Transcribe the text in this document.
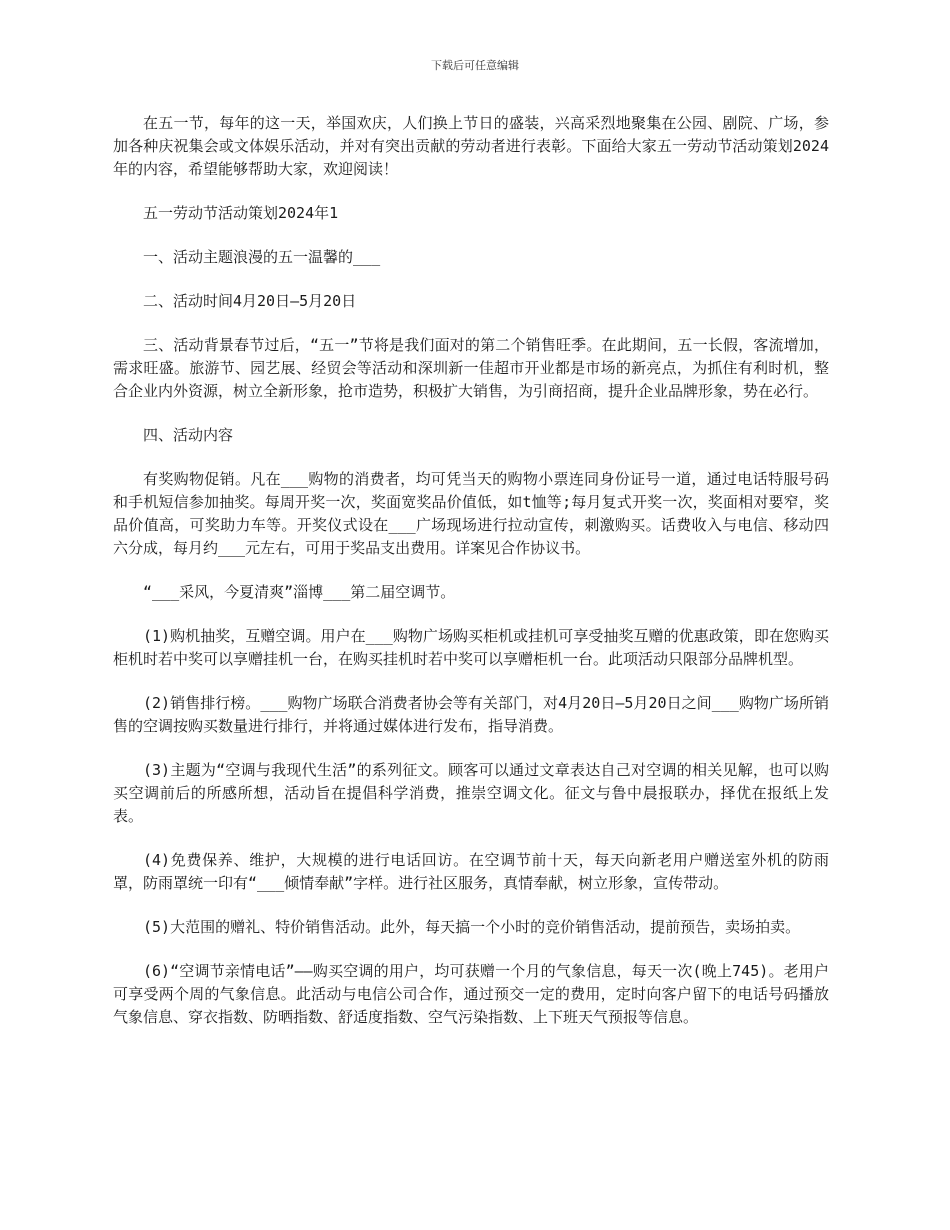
下载后可任意编辑

在五一节，每年的这一天，举国欢庆，人们换上节日的盛装，兴高采烈地聚集在公园、剧院、广场，参加各种庆祝集会或文体娱乐活动，并对有突出贡献的劳动者进行表彰。下面给大家五一劳动节活动策划2024年的内容，希望能够帮助大家，欢迎阅读！

五一劳动节活动策划2024年1

一、活动主题浪漫的五一温馨的___

二、活动时间4月20日—5月20日

三、活动背景春节过后，“五一”节将是我们面对的第二个销售旺季。在此期间，五一长假，客流增加，需求旺盛。旅游节、园艺展、经贸会等活动和深圳新一佳超市开业都是市场的新亮点，为抓住有利时机，整合企业内外资源，树立全新形象，抢市造势，积极扩大销售，为引商招商，提升企业品牌形象，势在必行。

四、活动内容

有奖购物促销。凡在___购物的消费者，均可凭当天的购物小票连同身份证号一道，通过电话特服号码和手机短信参加抽奖。每周开奖一次，奖面宽奖品价值低，如t恤等;每月复式开奖一次，奖面相对要窄，奖品价值高，可奖助力车等。开奖仪式设在___广场现场进行拉动宣传，刺激购买。话费收入与电信、移动四六分成，每月约___元左右，可用于奖品支出费用。详案见合作协议书。

“___采风，今夏清爽”淄博___第二届空调节。

(1)购机抽奖，互赠空调。用户在___购物广场购买柜机或挂机可享受抽奖互赠的优惠政策，即在您购买柜机时若中奖可以享赠挂机一台，在购买挂机时若中奖可以享赠柜机一台。此项活动只限部分品牌机型。

(2)销售排行榜。___购物广场联合消费者协会等有关部门，对4月20日—5月20日之间___购物广场所销售的空调按购买数量进行排行，并将通过媒体进行发布，指导消费。

(3)主题为“空调与我现代生活”的系列征文。顾客可以通过文章表达自己对空调的相关见解，也可以购买空调前后的所感所想，活动旨在提倡科学消费，推崇空调文化。征文与鲁中晨报联办，择优在报纸上发表。

(4)免费保养、维护，大规模的进行电话回访。在空调节前十天，每天向新老用户赠送室外机的防雨罩，防雨罩统一印有“___倾情奉献”字样。进行社区服务，真情奉献，树立形象，宣传带动。

(5)大范围的赠礼、特价销售活动。此外，每天搞一个小时的竞价销售活动，提前预告，卖场拍卖。

(6)“空调节亲情电话”——购买空调的用户，均可获赠一个月的气象信息，每天一次(晚上745)。老用户可享受两个周的气象信息。此活动与电信公司合作，通过预交一定的费用，定时向客户留下的电话号码播放气象信息、穿衣指数、防晒指数、舒适度指数、空气污染指数、上下班天气预报等信息。
